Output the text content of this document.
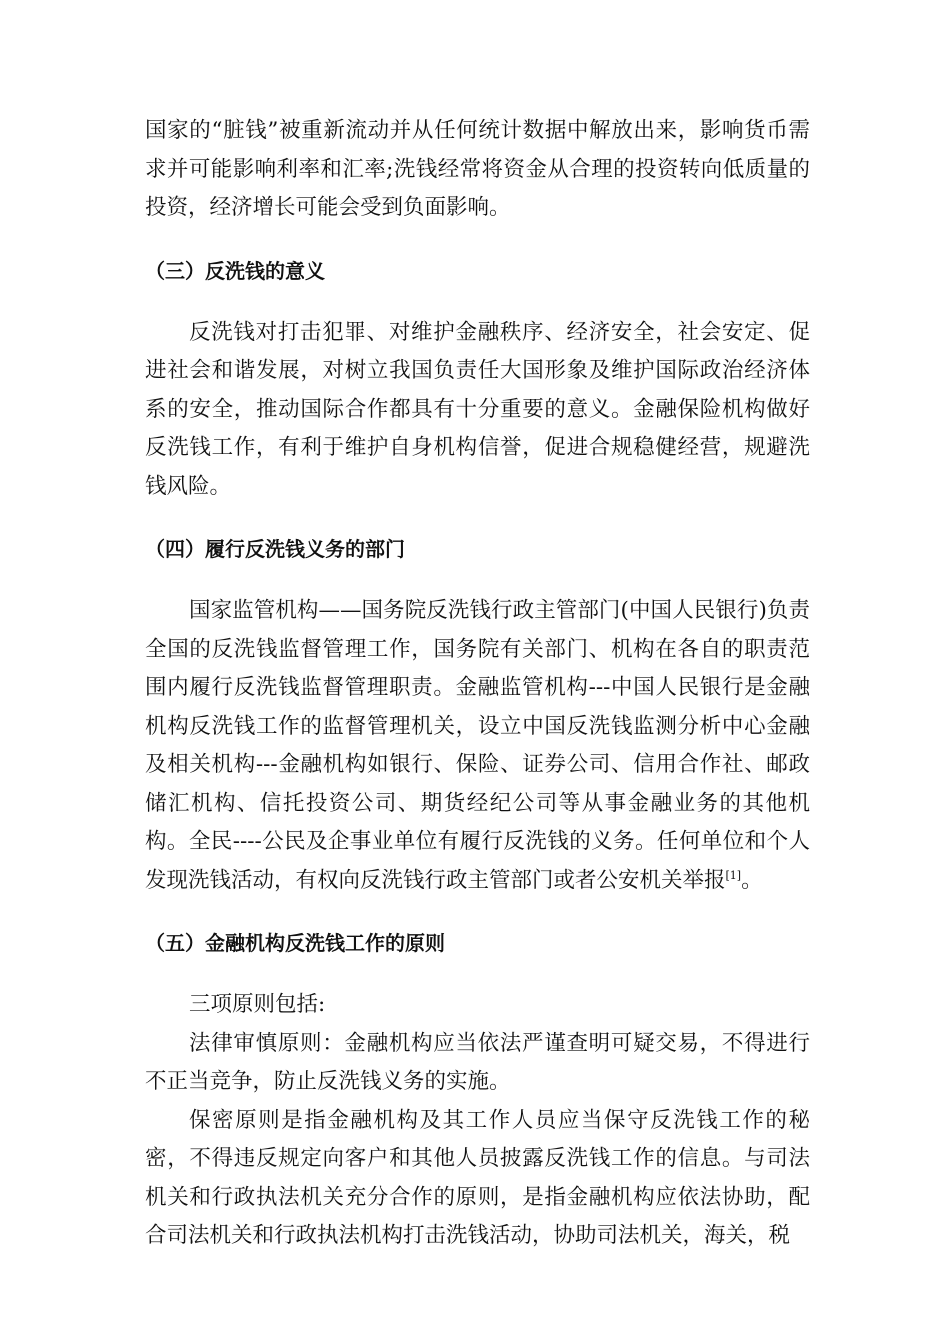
国家的“脏钱”被重新流动并从任何统计数据中解放出来，影响货币需求并可能影响利率和汇率;洗钱经常将资金从合理的投资转向低质量的投资，经济增长可能会受到负面影响。

（三）反洗钱的意义

反洗钱对打击犯罪、对维护金融秩序、经济安全，社会安定、促进社会和谐发展，对树立我国负责任大国形象及维护国际政治经济体系的安全，推动国际合作都具有十分重要的意义。金融保险机构做好反洗钱工作，有利于维护自身机构信誉，促进合规稳健经营，规避洗钱风险。

（四）履行反洗钱义务的部门

国家监管机构——国务院反洗钱行政主管部门(中国人民银行)负责全国的反洗钱监督管理工作，国务院有关部门、机构在各自的职责范围内履行反洗钱监督管理职责。金融监管机构---中国人民银行是金融机构反洗钱工作的监督管理机关，设立中国反洗钱监测分析中心金融及相关机构---金融机构如银行、保险、证券公司、信用合作社、邮政储汇机构、信托投资公司、期货经纪公司等从事金融业务的其他机构。全民----公民及企事业单位有履行反洗钱的义务。任何单位和个人发现洗钱活动，有权向反洗钱行政主管部门或者公安机关举报[1]。

（五）金融机构反洗钱工作的原则

三项原则包括:

法律审慎原则：金融机构应当依法严谨查明可疑交易，不得进行不正当竞争，防止反洗钱义务的实施。

保密原则是指金融机构及其工作人员应当保守反洗钱工作的秘密，不得违反规定向客户和其他人员披露反洗钱工作的信息。与司法机关和行政执法机关充分合作的原则，是指金融机构应依法协助，配合司法机关和行政执法机构打击洗钱活动，协助司法机关，海关，税
